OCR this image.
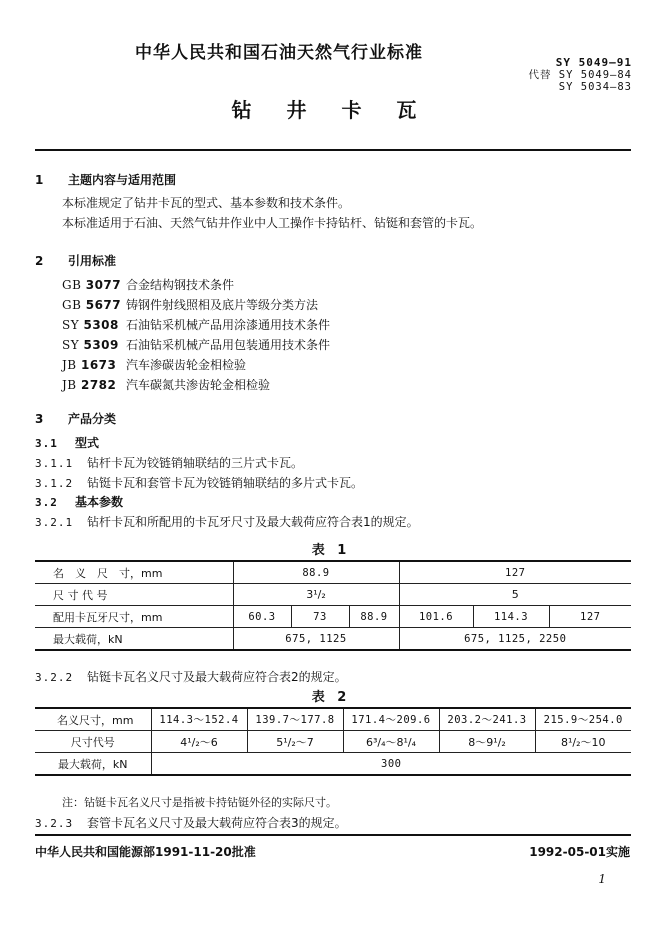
中华人民共和国石油天然气行业标准	SY 5049—91
代替 SY 5049—84
SY 5034—83
钻 井 卡 瓦
1 主题内容与适用范围
本标准规定了钻井卡瓦的型式、基本参数和技术条件。
本标准适用于石油、天然气钻井作业中人工操作卡持钻杆、钻铤和套管的卡瓦。
2 引用标准
GB 3077 合金结构钢技术条件
GB 5677 铸钢件射线照相及底片等级分类方法
SY 5308 石油钻采机械产品用涂漆通用技术条件
SY 5309 石油钻采机械产品用包装通用技术条件
JB 1673 汽车渗碳齿轮金相检验
JB 2782 汽车碳氮共渗齿轮金相检验
3 产品分类
3.1 型式
3.1.1 钻杆卡瓦为铰链销轴联结的三片式卡瓦。
3.1.2 钻铤卡瓦和套管卡瓦为铰链销轴联结的多片式卡瓦。
3.2 基本参数
3.2.1 钻杆卡瓦和所配用的卡瓦牙尺寸及最大载荷应符合表1的规定。
表 1
名　义　尺　寸，mm	88.9			127		
尺 寸 代 号	3¹/₂			5		
配用卡瓦牙尺寸，mm	60.3	73	88.9	101.6	114.3	127
最大载荷，kN	675, 1125			675, 1125, 2250		
3.2.2 钻铤卡瓦名义尺寸及最大载荷应符合表2的规定。
表 2
名义尺寸，mm	114.3～152.4	139.7～177.8	171.4～209.6	203.2～241.3	215.9～254.0
尺寸代号	4¹/₂～6	5¹/₂～7	6³/₄～8¹/₄	8～9¹/₂	8¹/₂～10
最大载荷，kN	300				
注：钻铤卡瓦名义尺寸是指被卡持钻铤外径的实际尺寸。
3.2.3 套管卡瓦名义尺寸及最大载荷应符合表3的规定。
中华人民共和国能源部1991-11-20批准	1992-05-01实施
1
